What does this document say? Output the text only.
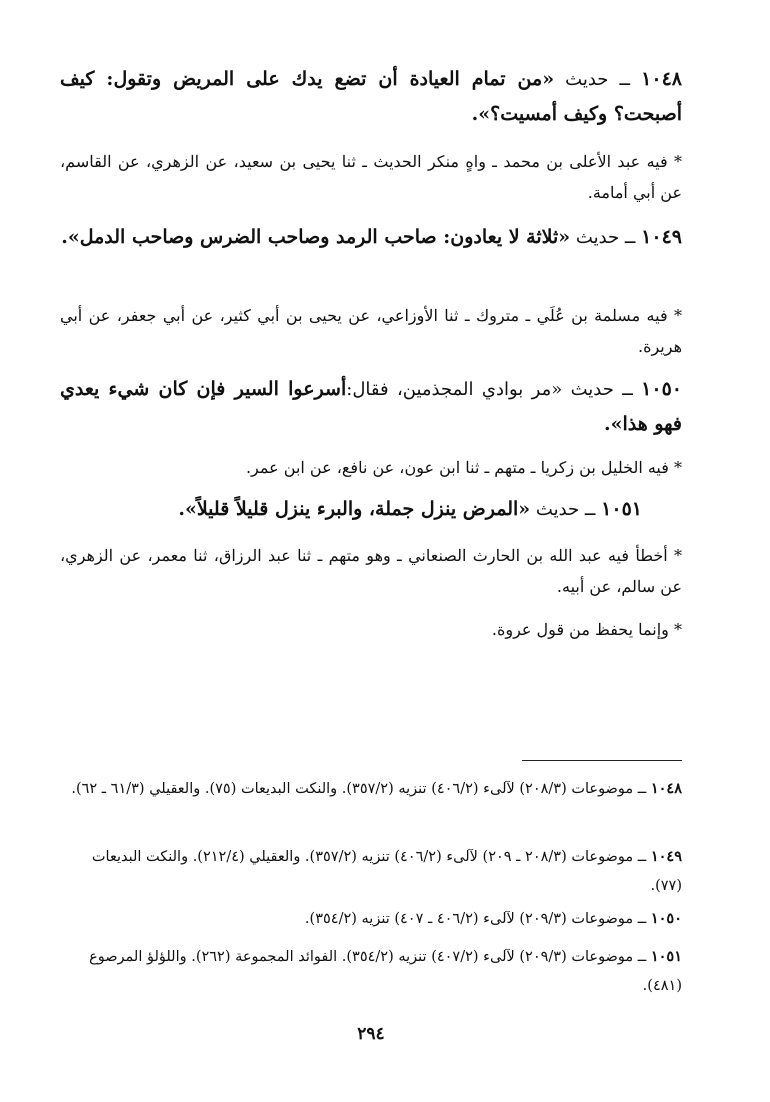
١٠٤٨ ــ حديث «من تمام العيادة أن تضع يدك على المريض وتقول: كيف أصبحت؟ وكيف أمسيت؟».
* فيه عبد الأعلى بن محمد ـ واهٍ منكر الحديث ـ ثنا يحيى بن سعيد، عن الزهري، عن القاسم، عن أبي أمامة.
١٠٤٩ ــ حديث «ثلاثة لا يعادون: صاحب الرمد وصاحب الضرس وصاحب الدمل».
* فيه مسلمة بن عُلَي ـ متروك ـ ثنا الأوزاعي، عن يحيى بن أبي كثير، عن أبي جعفر، عن أبي هريرة.
١٠٥٠ ــ حديث «مر بوادي المجذمين، فقال:أسرعوا السير فإن كان شيء يعدي فهو هذا».
* فيه الخليل بن زكريا ـ متهم ـ ثنا ابن عون، عن نافع، عن ابن عمر.
١٠٥١ ــ حديث «المرض ينزل جملة، والبرء ينزل قليلاً قليلاً».
* أخطأ فيه عبد الله بن الحارث الصنعاني ـ وهو متهم ـ ثنا عبد الرزاق، ثنا معمر، عن الزهري، عن سالم، عن أبيه.
* وإنما يحفظ من قول عروة.
١٠٤٨ ــ موضوعات (٢٠٨/٣) لآلىء (٤٠٦/٢) تنزيه (٣٥٧/٢). والنكت البديعات (٧٥). والعقيلي (٦١/٣ ـ ٦٢).
١٠٤٩ ــ موضوعات (٢٠٨/٣ ـ ٢٠٩) لآلىء (٤٠٦/٢) تنزيه (٣٥٧/٢). والعقيلي (٢١٢/٤). والنكت البديعات (٧٧).
١٠٥٠ ــ موضوعات (٢٠٩/٣) لآلىء (٤٠٦/٢ ـ ٤٠٧) تنزيه (٣٥٤/٢).
١٠٥١ ــ موضوعات (٢٠٩/٣) لآلىء (٤٠٧/٢) تنزيه (٣٥٤/٢). الفوائد المجموعة (٢٦٢). واللؤلؤ المرصوع (٤٨١).
٢٩٤
